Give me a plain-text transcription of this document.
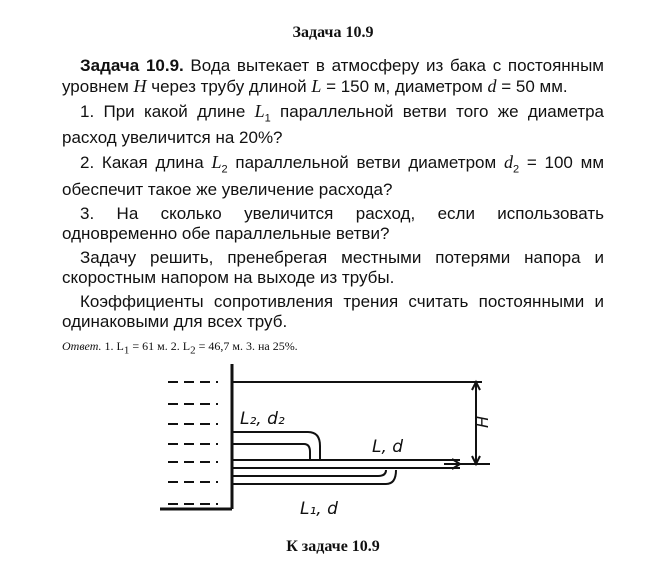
Задача 10.9

Задача 10.9. Вода вытекает в атмосферу из бака с постоянным уровнем H через трубу длиной L = 150 м, диаметром d = 50 мм.

1. При какой длине $L_1$ параллельной ветви того же диаметра расход увеличится на 20%?

2. Какая длина $L_2$ параллельной ветви диаметром $d_2 = 100$ мм обеспечит такое же увеличение расхода?

3. На сколько увеличится расход, если использовать одновременно обе параллельные ветви?

Задачу решить, пренебрегая местными потерями напора и скоростным напором на выходе из трубы.

Коэффициенты сопротивления трения считать постоянными и одинаковыми для всех труб.

Ответ. 1. $L_1 = 61$ м. 2. $L_2 = 46,7$ м. 3. на 25%.
L₂, d₂
L, d
L₁, d
H
К задаче 10.9
